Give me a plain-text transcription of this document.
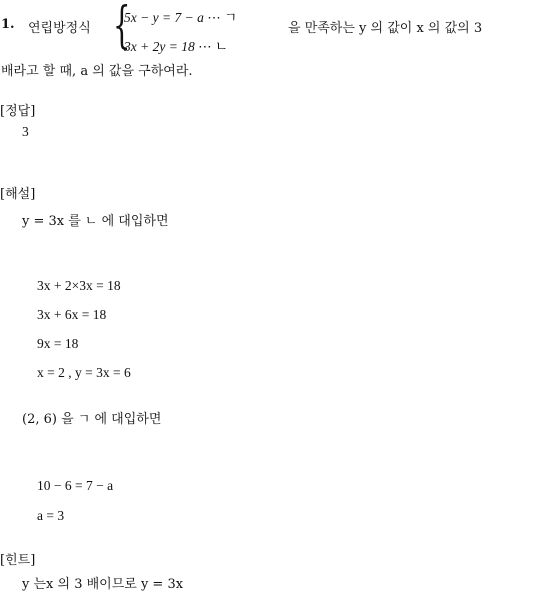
1. 연립방정식 {
5x − y = 7 − a ⋯ ㄱ
3x + 2y = 18 ⋯ ㄴ
을 만족하는 y 의 값이 x 의 값의 3
배라고 할 때, a 의 값을 구하여라.
[정답]
3
[해설]
y = 3x 를 ㄴ 에 대입하면
3x + 2×3x = 18
3x + 6x = 18
9x = 18
x = 2 , y = 3x = 6
(2, 6) 을 ㄱ 에 대입하면
10 − 6 = 7 − a
a = 3
[힌트]
y 는x 의 3 배이므로 y = 3x
